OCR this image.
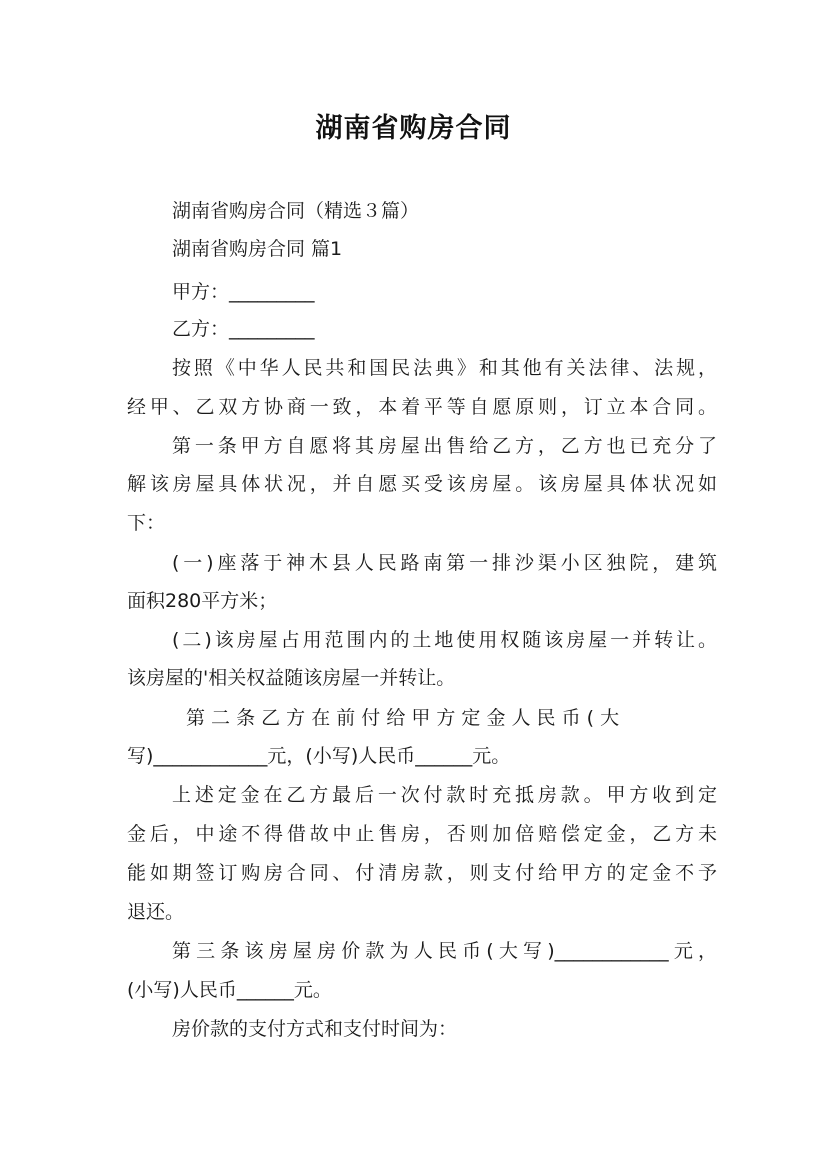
湖南省购房合同
湖南省购房合同（精选３篇）
湖南省购房合同 篇1
甲方：_________
乙方：_________
按照《中华人民共和国民法典》和其他有关法律、法规，
经甲、乙双方协商一致，本着平等自愿原则，订立本合同。
第一条甲方自愿将其房屋出售给乙方，乙方也已充分了
解该房屋具体状况，并自愿买受该房屋。该房屋具体状况如
下：
(一)座落于神木县人民路南第一排沙渠小区独院，建筑
面积280平方米；
(二)该房屋占用范围内的土地使用权随该房屋一并转让。
该房屋的'相关权益随该房屋一并转让。
第 二 条 乙 方 在 前 付 给 甲 方 定 金 人 民 币 ( 大
写)____________元，(小写)人民币______元。
上述定金在乙方最后一次付款时充抵房款。甲方收到定
金后，中途不得借故中止售房，否则加倍赔偿定金，乙方未
能如期签订购房合同、付清房款，则支付给甲方的定金不予
退还。
第三条该房屋房价款为人民币(大写)____________元，
(小写)人民币______元。
房价款的支付方式和支付时间为：
